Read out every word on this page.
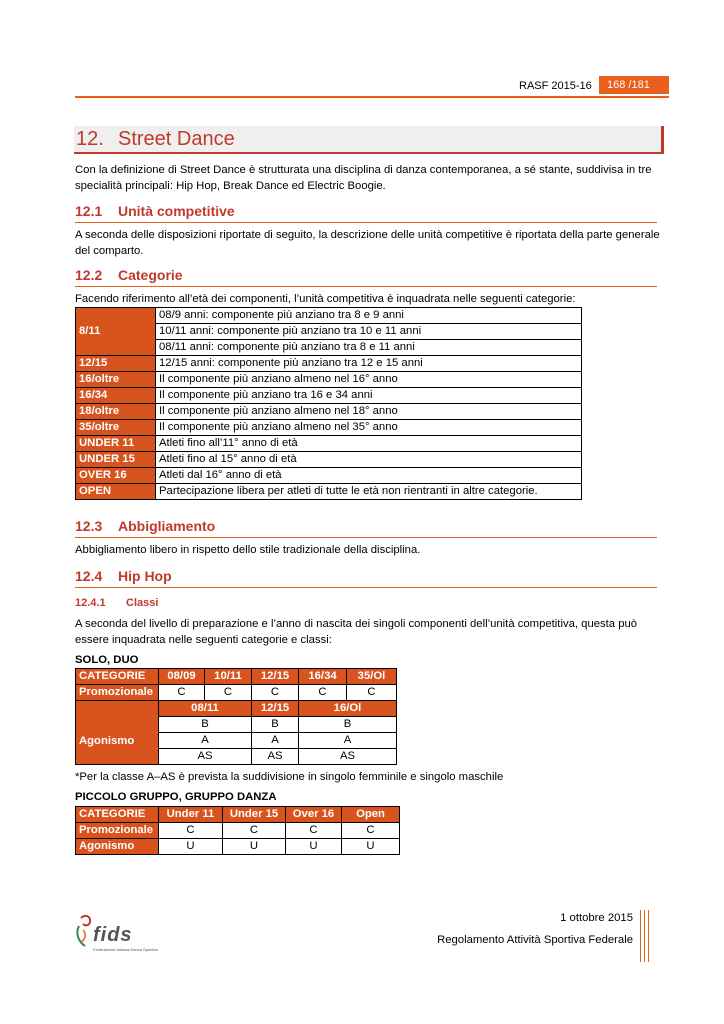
RASF 2015-16	168 /181
12. Street Dance
Con la definizione di Street Dance è strutturata una disciplina di danza contemporanea, a sé stante, suddivisa in tre specialità principali: Hip Hop, Break Dance ed Electric Boogie.
12.1 Unità competitive
A seconda delle disposizioni riportate di seguito, la descrizione delle unità competitive è riportata della parte generale del comparto.
12.2 Categorie
Facendo riferimento all’età dei componenti, l’unità competitiva è inquadrata nelle seguenti categorie:
8/11	08/9 anni: componente più anziano tra 8 e 9 anni
	10/11 anni: componente più anziano tra 10 e 11 anni
	08/11 anni: componente più anziano tra 8 e 11 anni
12/15	12/15 anni: componente più anziano tra 12 e 15 anni
16/oltre	Il componente più anziano almeno nel 16° anno
16/34	Il componente più anziano tra 16 e 34 anni
18/oltre	Il componente più anziano almeno nel 18° anno
35/oltre	Il componente più anziano almeno nel 35° anno
UNDER 11	Atleti fino all’11° anno di età
UNDER 15	Atleti fino al 15° anno di età
OVER 16	Atleti dal 16° anno di età
OPEN	Partecipazione libera per atleti di tutte le età non rientranti in altre categorie.
12.3 Abbigliamento
Abbigliamento libero in rispetto dello stile tradizionale della disciplina.
12.4 Hip Hop
12.4.1 Classi
A seconda del livello di preparazione e l’anno di nascita dei singoli componenti dell’unità competitiva, questa può essere inquadrata nelle seguenti categorie e classi:
SOLO, DUO
CATEGORIE	08/09	10/11	12/15	16/34	35/Ol
Promozionale	C	C	C	C	C
Agonismo	08/11		12/15	16/Ol	
	B		B	B	
	A		A	A	
	AS		AS	AS	
*Per la classe A–AS è prevista la suddivisione in singolo femminile e singolo maschile
PICCOLO GRUPPO, GRUPPO DANZA
CATEGORIE	Under 11	Under 15	Over 16	Open
Promozionale	C	C	C	C
Agonismo	U	U	U	U
fids
Federazione Italiana Danza Sportiva
1 ottobre 2015
Regolamento Attività Sportiva Federale
